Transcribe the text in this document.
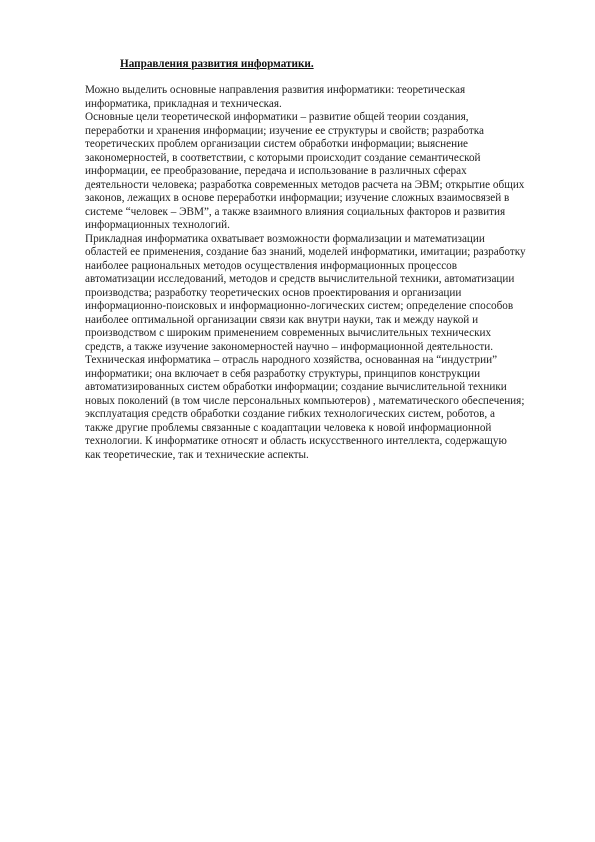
Направления развития информатики.
Можно выделить основные направления развития информатики: теоретическая
информатика, прикладная и техническая.
Основные цели теоретической информатики – развитие общей теории создания,
переработки и хранения информации; изучение ее структуры и свойств; разработка
теоретических проблем организации систем обработки информации; выяснение
закономерностей, в соответствии, с которыми происходит создание семантической
информации, ее преобразование, передача и использование в различных сферах
деятельности человека; разработка современных методов расчета на ЭВМ; открытие общих
законов, лежащих в основе переработки информации; изучение сложных взаимосвязей в
системе “человек – ЭВМ”, а также взаимного влияния социальных факторов и развития
информационных технологий.
Прикладная информатика охватывает возможности формализации и математизации
областей ее применения, создание баз знаний, моделей информатики, имитации; разработку
наиболее рациональных методов осуществления информационных процессов
автоматизации исследований, методов и средств вычислительной техники, автоматизации
производства; разработку теоретических основ проектирования и организации
информационно-поисковых и информационно-логических систем; определение способов
наиболее оптимальной организации связи как внутри науки, так и между наукой и
производством с широким применением современных вычислительных технических
средств, а также изучение закономерностей научно – информационной деятельности.
Техническая информатика – отрасль народного хозяйства, основанная на “индустрии”
информатики; она включает в себя разработку структуры, принципов конструкции
автоматизированных систем обработки информации; создание вычислительной техники
новых поколений (в том числе персональных компьютеров) , математического обеспечения;
эксплуатация средств обработки создание гибких технологических систем, роботов, а
также другие проблемы связанные с коадаптации человека к новой информационной
технологии. К информатике относят и область искусственного интеллекта, содержащую
как теоретические, так и технические аспекты.
